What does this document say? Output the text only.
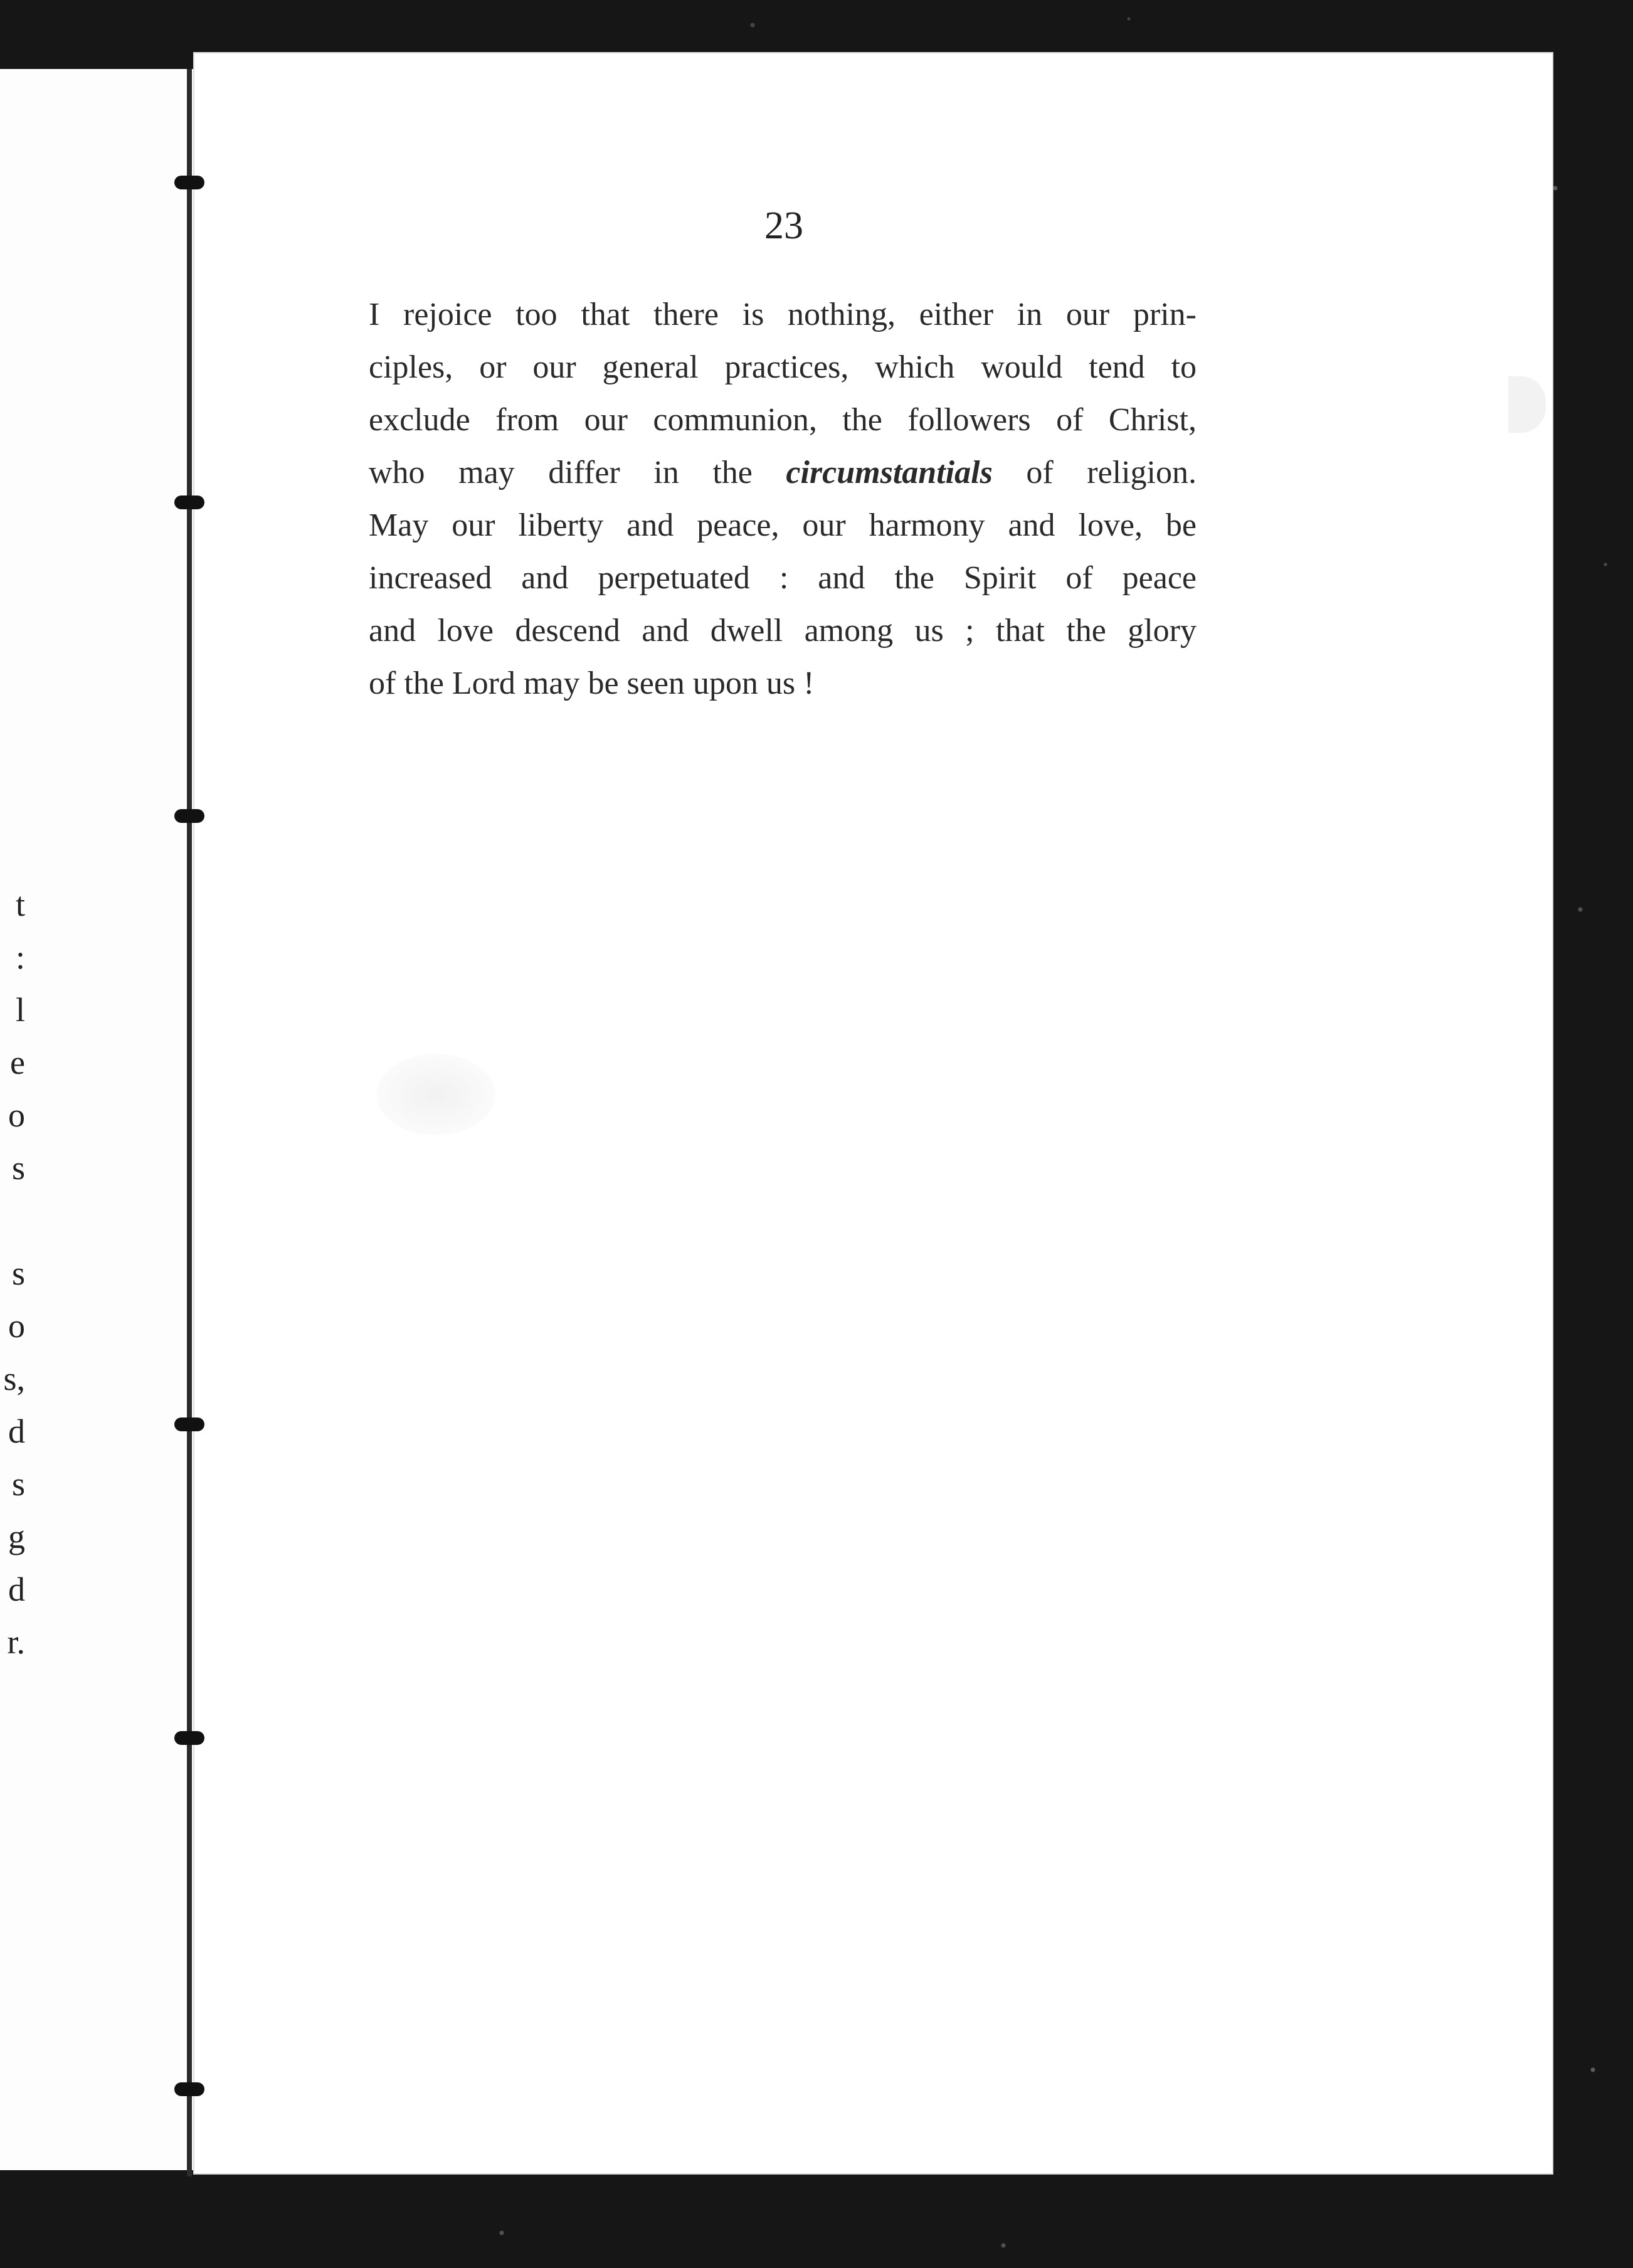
t
:
l
e
o
s
s
o
s,
d
s
g
d
r.
23

I rejoice too that there is nothing, either in our prin-
ciples, or our general practices, which would tend to
exclude from our communion, the followers of Christ,
who may differ in the circumstantials of religion.
May our liberty and peace, our harmony and love, be
increased and perpetuated : and the Spirit of peace
and love descend and dwell among us ; that the glory
of the Lord may be seen upon us !
